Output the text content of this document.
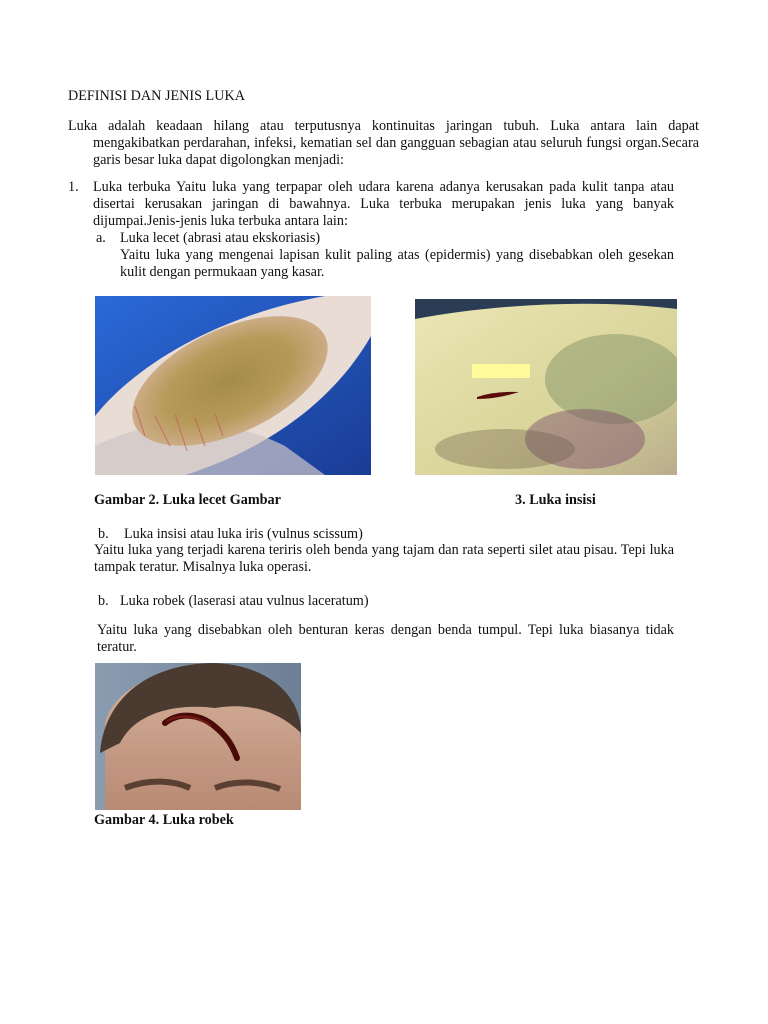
DEFINISI DAN JENIS LUKA
Luka adalah keadaan hilang atau terputusnya kontinuitas jaringan tubuh. Luka antara lain dapat mengakibatkan perdarahan, infeksi, kematian sel dan gangguan sebagian atau seluruh fungsi organ.Secara garis besar luka dapat digolongkan menjadi:
1. Luka terbuka Yaitu luka yang terpapar oleh udara karena adanya kerusakan pada kulit tanpa atau disertai kerusakan jaringan di bawahnya. Luka terbuka merupakan jenis luka yang banyak dijumpai.Jenis-jenis luka terbuka antara lain:
a. Luka lecet (abrasi atau ekskoriasis)
Yaitu luka yang mengenai lapisan kulit paling atas (epidermis) yang disebabkan oleh gesekan kulit dengan permukaan yang kasar.
Gambar 2. Luka lecet Gambar	3. Luka insisi
b. Luka insisi atau luka iris (vulnus scissum)
Yaitu luka yang terjadi karena teriris oleh benda yang tajam dan rata seperti silet atau pisau. Tepi luka tampak teratur. Misalnya luka operasi.
b. Luka robek (laserasi atau vulnus laceratum)
Yaitu luka yang disebabkan oleh benturan keras dengan benda tumpul. Tepi luka biasanya tidak teratur.
Gambar 4. Luka robek
